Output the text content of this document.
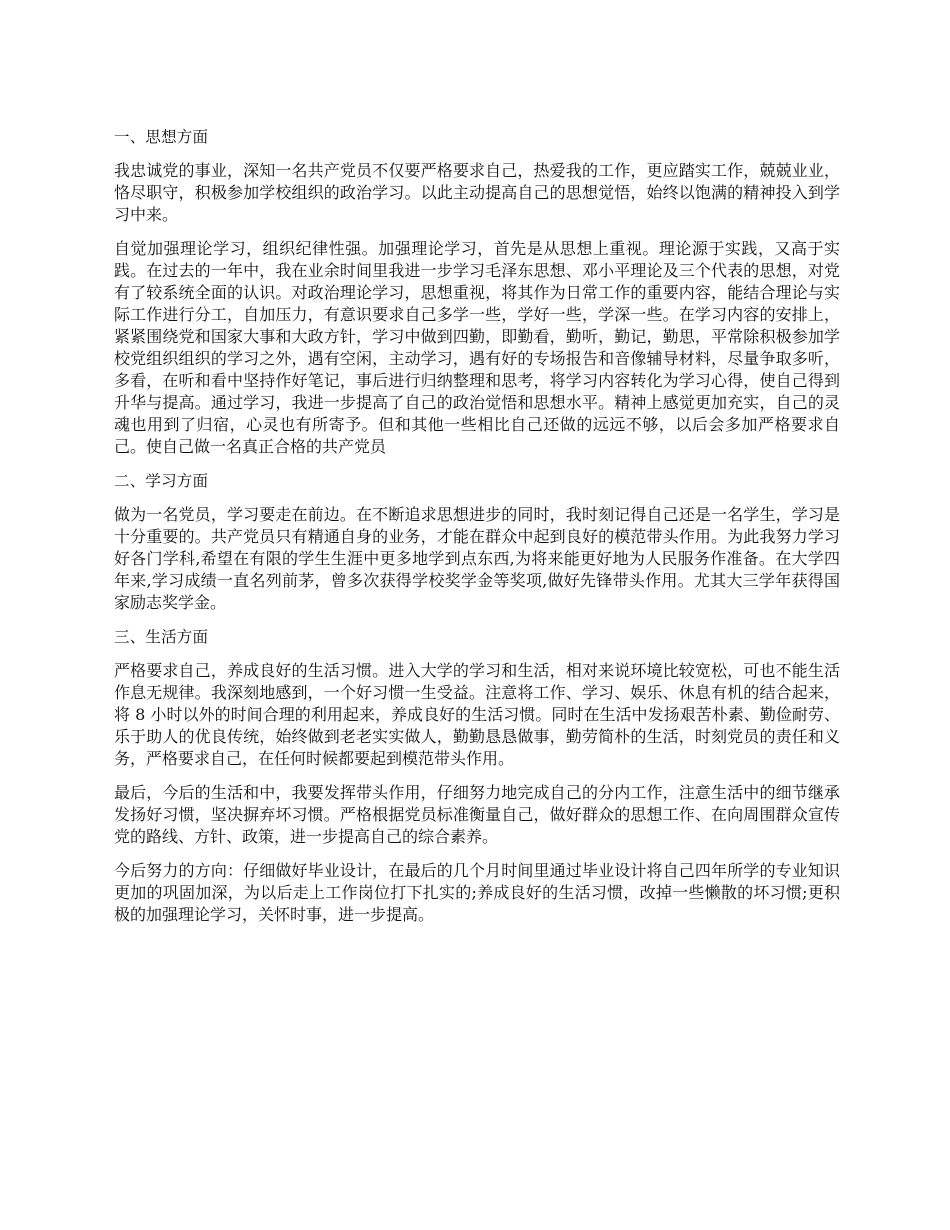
一、思想方面

我忠诚党的事业，深知一名共产党员不仅要严格要求自己，热爱我的工作，更应踏实工作，兢兢业业，恪尽职守，积极参加学校组织的政治学习。以此主动提高自己的思想觉悟，始终以饱满的精神投入到学习中来。

自觉加强理论学习，组织纪律性强。加强理论学习，首先是从思想上重视。理论源于实践，又高于实践。在过去的一年中，我在业余时间里我进一步学习毛泽东思想、邓小平理论及三个代表的思想，对党有了较系统全面的认识。对政治理论学习，思想重视，将其作为日常工作的重要内容，能结合理论与实际工作进行分工，自加压力，有意识要求自己多学一些，学好一些，学深一些。在学习内容的安排上，紧紧围绕党和国家大事和大政方针，学习中做到四勤，即勤看，勤听，勤记，勤思，平常除积极参加学校党组织组织的学习之外，遇有空闲，主动学习，遇有好的专场报告和音像辅导材料，尽量争取多听，多看，在听和看中坚持作好笔记，事后进行归纳整理和思考，将学习内容转化为学习心得，使自己得到升华与提高。通过学习，我进一步提高了自己的政治觉悟和思想水平。精神上感觉更加充实，自己的灵魂也用到了归宿，心灵也有所寄予。但和其他一些相比自己还做的远远不够，以后会多加严格要求自己。使自己做一名真正合格的共产党员

二、学习方面

做为一名党员，学习要走在前边。在不断追求思想进步的同时，我时刻记得自己还是一名学生，学习是十分重要的。共产党员只有精通自身的业务，才能在群众中起到良好的模范带头作用。为此我努力学习好各门学科,希望在有限的学生生涯中更多地学到点东西,为将来能更好地为人民服务作准备。在大学四年来,学习成绩一直名列前茅，曾多次获得学校奖学金等奖项,做好先锋带头作用。尤其大三学年获得国家励志奖学金。

三、生活方面

严格要求自己，养成良好的生活习惯。进入大学的学习和生活，相对来说环境比较宽松，可也不能生活作息无规律。我深刻地感到，一个好习惯一生受益。注意将工作、学习、娱乐、休息有机的结合起来，将 8 小时以外的时间合理的利用起来，养成良好的生活习惯。同时在生活中发扬艰苦朴素、勤俭耐劳、乐于助人的优良传统，始终做到老老实实做人，勤勤恳恳做事，勤劳简朴的生活，时刻党员的责任和义务，严格要求自己，在任何时候都要起到模范带头作用。

最后，今后的生活和中，我要发挥带头作用，仔细努力地完成自己的分内工作，注意生活中的细节继承发扬好习惯，坚决摒弃坏习惯。严格根据党员标准衡量自己，做好群众的思想工作、在向周围群众宣传党的路线、方针、政策，进一步提高自己的综合素养。

今后努力的方向：仔细做好毕业设计，在最后的几个月时间里通过毕业设计将自己四年所学的专业知识更加的巩固加深，为以后走上工作岗位打下扎实的;养成良好的生活习惯，改掉一些懒散的坏习惯;更积极的加强理论学习，关怀时事，进一步提高。
